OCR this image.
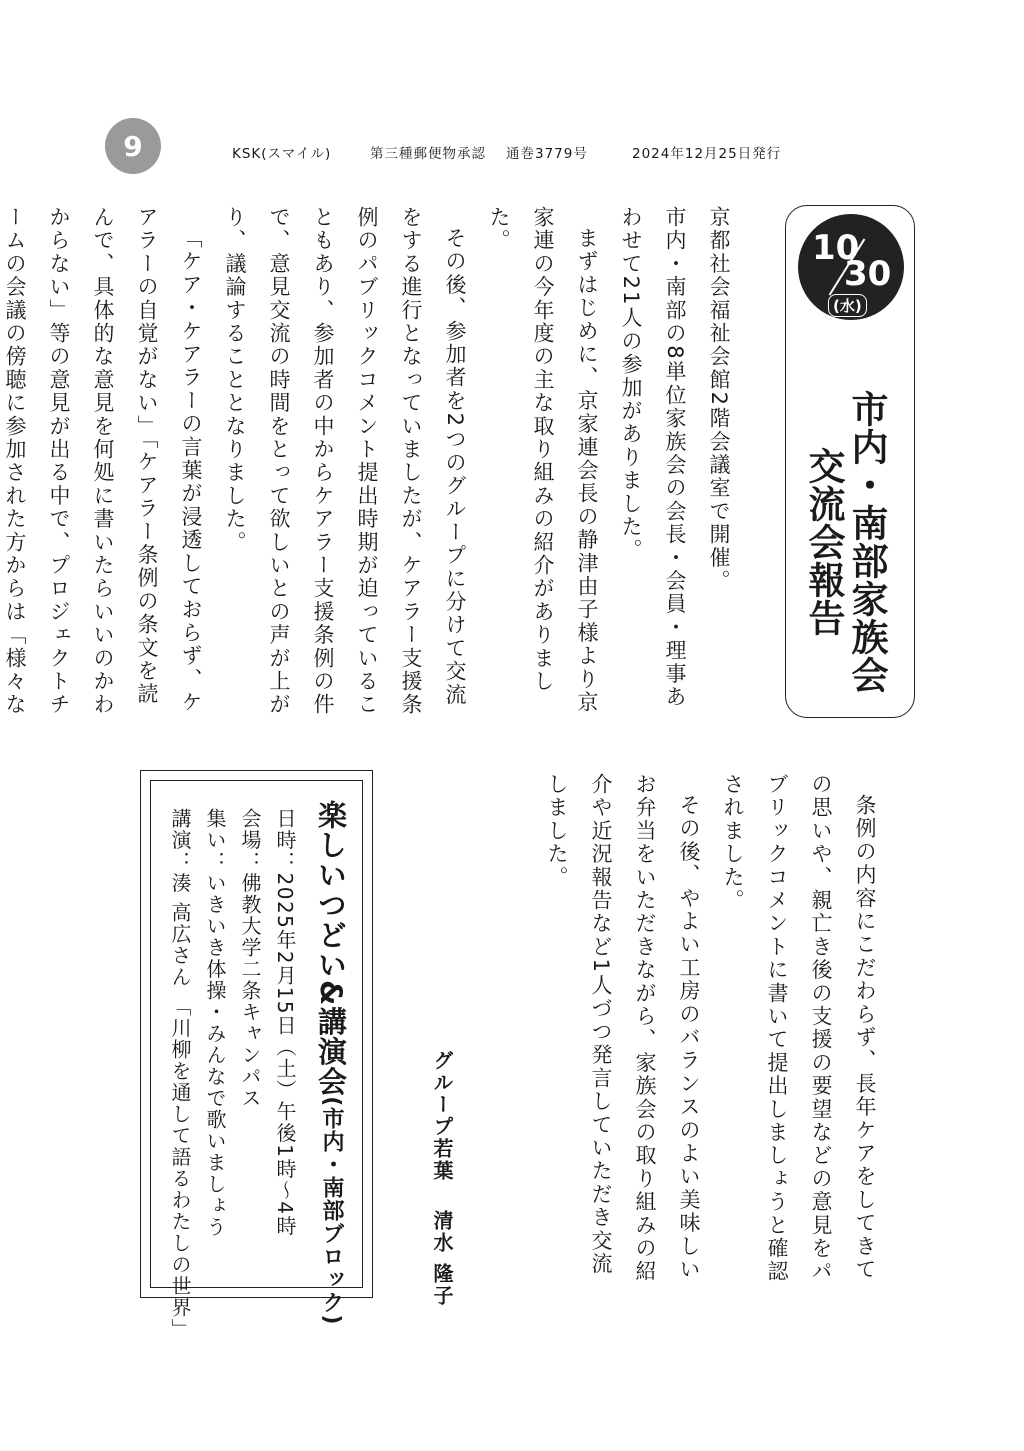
9	KSK(スマイル)	第三種郵便物承認 通巻3779号	2024年12月25日発行
10
30
(水)
市内・南部家族会
交流会報告

京都社会福祉会館2階会議室で開催。

市内・南部の8単位家族会の会長・会員・理事あわせて21人の参加がありました。

まずはじめに、京家連会長の静津由子様より京家連の今年度の主な取り組みの紹介がありました。

その後、参加者を2つのグループに分けて交流をする進行となっていましたが、ケアラー支援条例のパブリックコメント提出時期が迫っていることもあり、参加者の中からケアラー支援条例の件で、意見交流の時間をとって欲しいとの声が上がり、議論することとなりました。

「ケア・ケアラーの言葉が浸透しておらず、ケアラーの自覚がない」「ケアラー条例の条文を読んで、具体的な意見を何処に書いたらいいのかわからない」等の意見が出る中で、プロジェクトチームの会議の傍聴に参加された方からは「様々な

条例の内容にこだわらず、長年ケアをしてきての思いや、親亡き後の支援の要望などの意見をパブリックコメントに書いて提出しましょうと確認されました。

その後、やよい工房のバランスのよい美味しいお弁当をいただきながら、家族会の取り組みの紹介や近況報告など1人づつ発言していただき交流しました。

グループ若葉清水 隆子
楽しいつどい&講演会(市内・南部ブロック)
日時：2025年2月15日（土）午後1時～4時
会場：佛教大学二条キャンパス
集い：いきいき体操・みんなで歌いましょう
講演：湊 高広さん 「川柳を通して語るわたしの世界」
